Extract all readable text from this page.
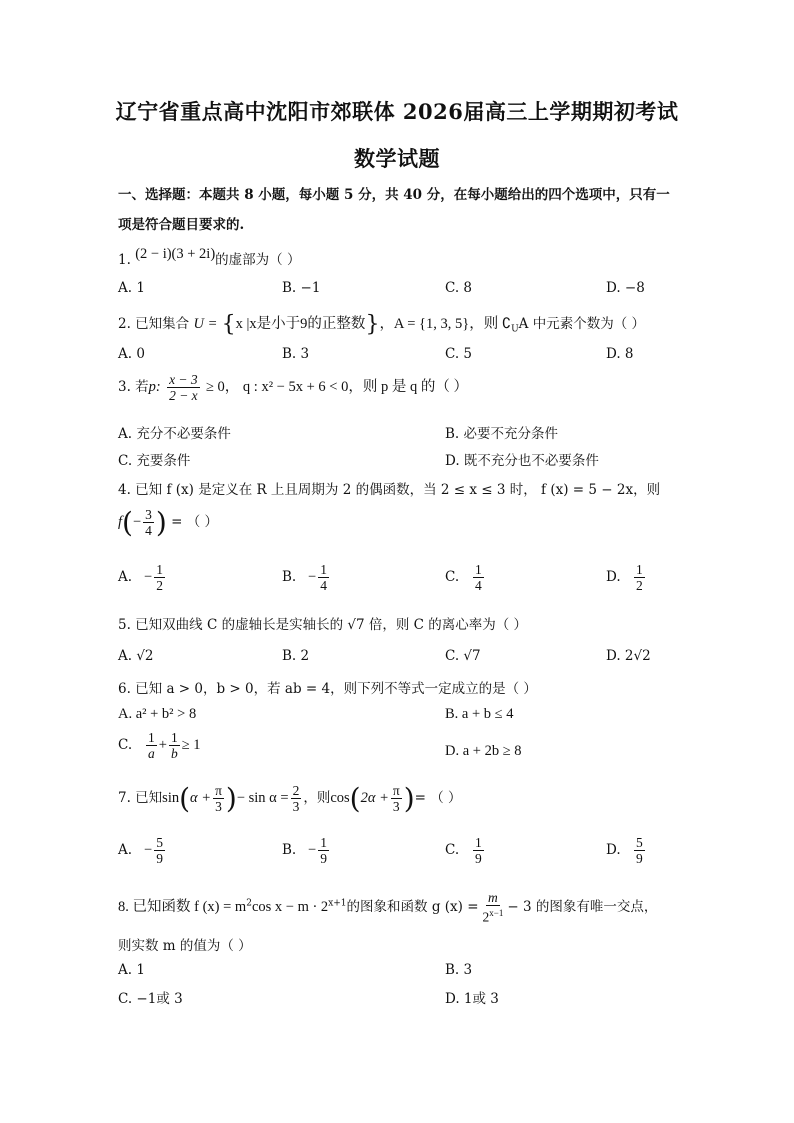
辽宁省重点高中沈阳市郊联体 2026届高三上学期期初考试
数学试题
一、选择题：本题共 8 小题，每小题 5 分，共 40 分，在每小题给出的四个选项中，只有一
项是符合题目要求的.
1. (2 − i)(3 + 2i)的虚部为（ ）
A. 1	B. −1	C. 8	D. −8
2. 已知集合 U = {x |x是小于9的正整数}，A = {1, 3, 5}，则 $∁_UA$ 中元素个数为（ ）
A. 0	B. 3	C. 5	D. 8
3. 若p: $\frac{x - 3}{2 - x} \ge 0$， q : x² − 5x + 6 < 0，则 p 是 q 的（ ）
A. 充分不必要条件	B. 必要不充分条件
C. 充要条件	D. 既不充分也不必要条件
4. 已知 f (x) 是定义在 R 上且周期为 2 的偶函数，当 2 ≤ x ≤ 3 时， f (x) = 5 − 2x，则
$f(- \frac{3}{4}$ ) = （ ）
A. − $\frac{1}{2}$	B. − $\frac{1}{4}$	C. $\frac{1}{4}$	D. $\frac{1}{2}$
5. 已知双曲线 C 的虚轴长是实轴长的 √7 倍，则 C 的离心率为（ ）
A. √2	B. 2	C. √7	D. 2√2
6. 已知 a > 0，b > 0，若 ab = 4，则下列不等式一定成立的是（ ）
A. a² + b² > 8	B. a + b ≤ 4
C. $\frac{1}{a} + \frac{1}{b} \ge 1$	D. a + 2b ≥ 8
7. 已知$\sin(\alpha + \frac{\pi}{3}$ )− $\sin \alpha = \frac{2}{3}$ ，则$\cos(2\alpha + \frac{\pi}{3}$ )= （ ）
A. − $\frac{5}{9}$	B. − $\frac{1}{9}$	C. $\frac{1}{9}$	D. $\frac{5}{9}$
8. 已知函数 f $(x) = m^2\cos$ $x - m \cdot 2^{x+1}$的图象和函数 g $(x) = \frac{m}{2^{x-1}} - 3$ 的图象有唯一交点，
则实数 m 的值为（ ）
A. 1	B. 3
C. −1或 3	D. 1或 3
